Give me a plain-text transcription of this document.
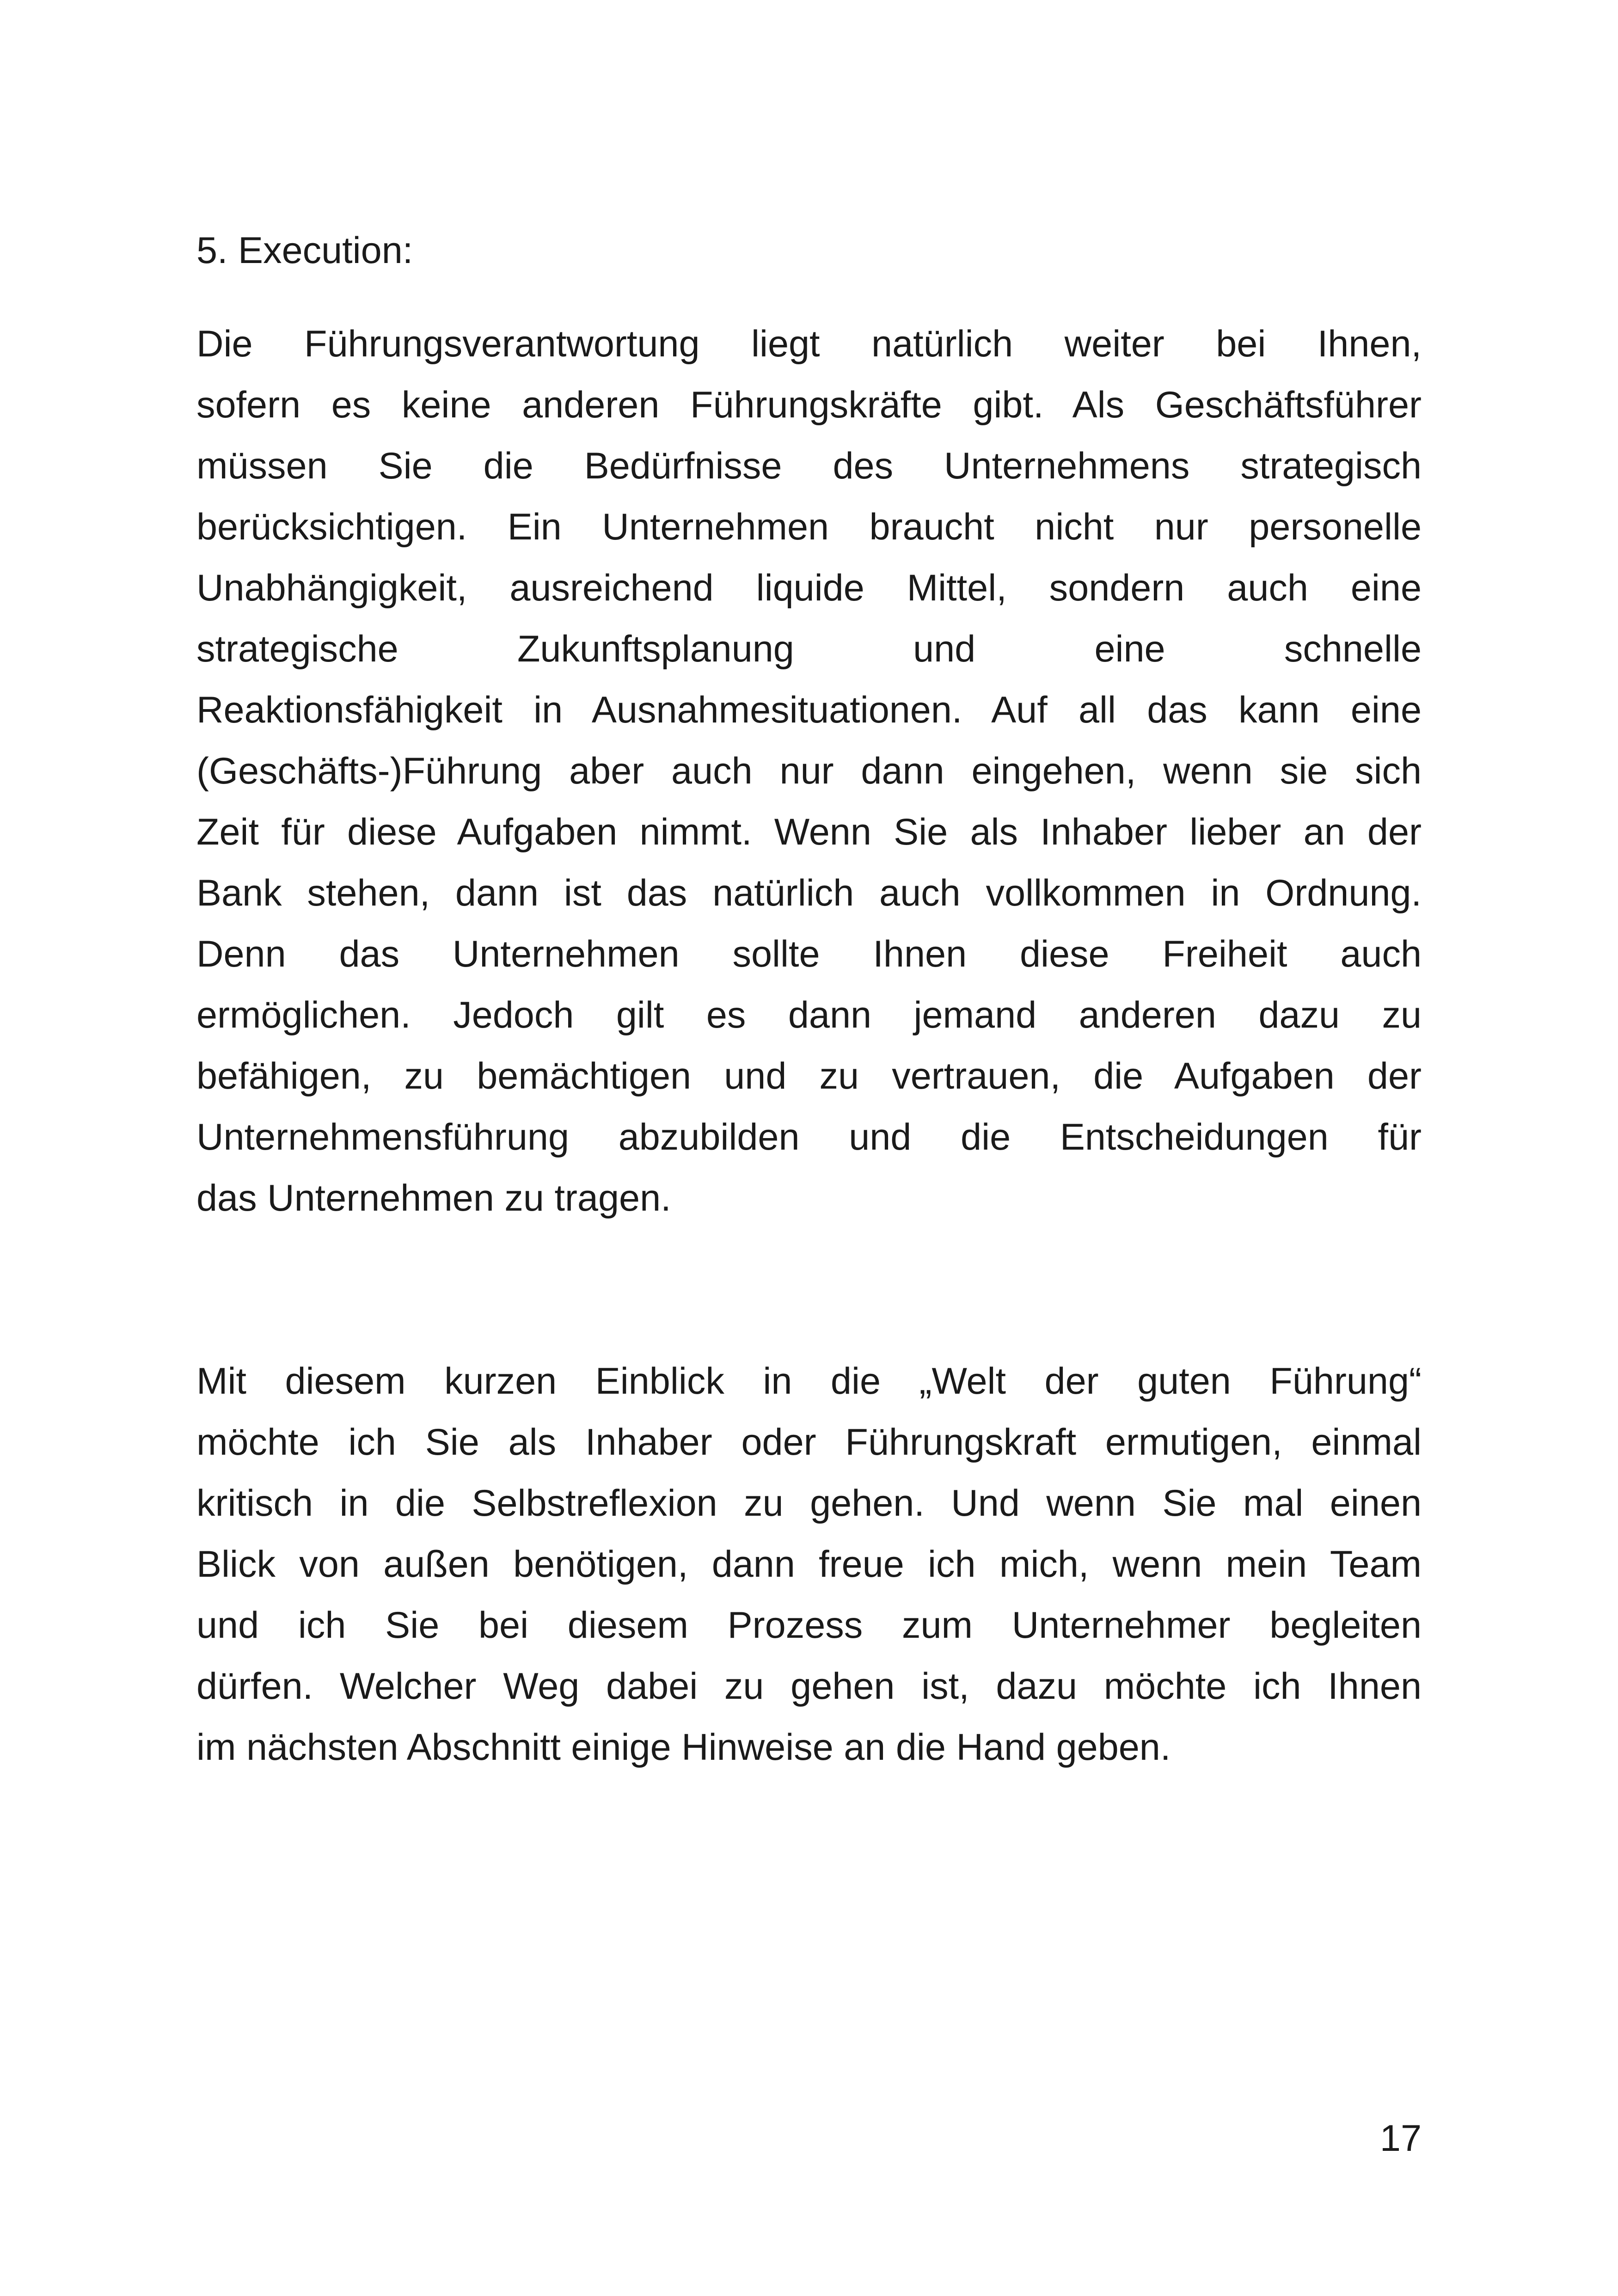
5. Execution:
Die Führungsverantwortung liegt natürlich weiter bei Ihnen,
sofern es keine anderen Führungskräfte gibt. Als Geschäftsführer
müssen Sie die Bedürfnisse des Unternehmens strategisch
berücksichtigen. Ein Unternehmen braucht nicht nur personelle
Unabhängigkeit, ausreichend liquide Mittel, sondern auch eine
strategische Zukunftsplanung und eine schnelle
Reaktionsfähigkeit in Ausnahmesituationen. Auf all das kann eine
(Geschäfts-)Führung aber auch nur dann eingehen, wenn sie sich
Zeit für diese Aufgaben nimmt. Wenn Sie als Inhaber lieber an der
Bank stehen, dann ist das natürlich auch vollkommen in Ordnung.
Denn das Unternehmen sollte Ihnen diese Freiheit auch
ermöglichen. Jedoch gilt es dann jemand anderen dazu zu
befähigen, zu bemächtigen und zu vertrauen, die Aufgaben der
Unternehmensführung abzubilden und die Entscheidungen für
das Unternehmen zu tragen.
Mit diesem kurzen Einblick in die „Welt der guten Führung“
möchte ich Sie als Inhaber oder Führungskraft ermutigen, einmal
kritisch in die Selbstreflexion zu gehen. Und wenn Sie mal einen
Blick von außen benötigen, dann freue ich mich, wenn mein Team
und ich Sie bei diesem Prozess zum Unternehmer begleiten
dürfen. Welcher Weg dabei zu gehen ist, dazu möchte ich Ihnen
im nächsten Abschnitt einige Hinweise an die Hand geben.
17
